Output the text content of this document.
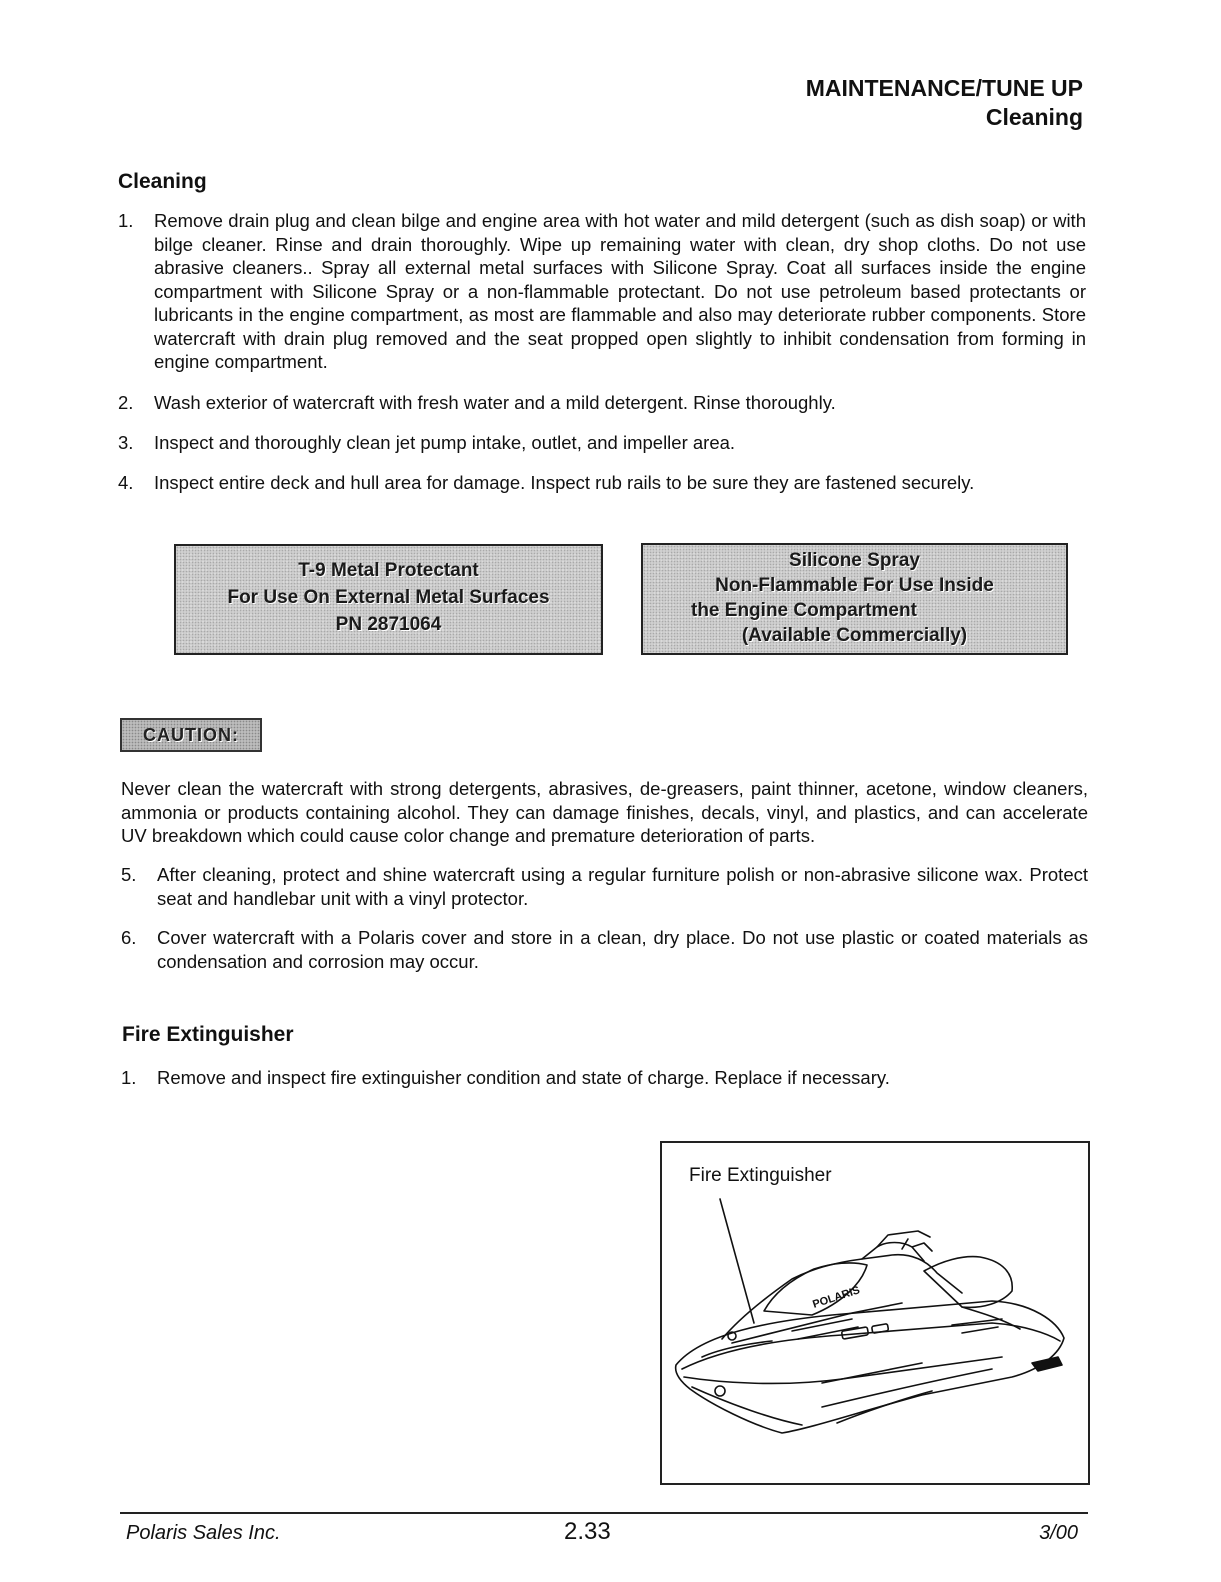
MAINTENANCE/TUNE UP
Cleaning
Cleaning
1. Remove drain plug and clean bilge and engine area with hot water and mild detergent (such as dish soap) or with bilge cleaner. Rinse and drain thoroughly. Wipe up remaining water with clean, dry shop cloths. Do not use abrasive cleaners.. Spray all external metal surfaces with Silicone Spray. Coat all surfaces inside the engine compartment with Silicone Spray or a non-flammable protectant. Do not use petroleum based protectants or lubricants in the engine compartment, as most are flammable and also may deteriorate rubber components. Store watercraft with drain plug removed and the seat propped open slightly to inhibit condensation from forming in engine compartment.
2. Wash exterior of watercraft with fresh water and a mild detergent. Rinse thoroughly.
3. Inspect and thoroughly clean jet pump intake, outlet, and impeller area.
4. Inspect entire deck and hull area for damage. Inspect rub rails to be sure they are fastened securely.
T-9 Metal Protectant
For Use On External Metal Surfaces
PN 2871064
Silicone Spray
Non-Flammable For Use Inside
the Engine Compartment
(Available Commercially)
CAUTION:
Never clean the watercraft with strong detergents, abrasives, de-greasers, paint thinner, acetone, window cleaners, ammonia or products containing alcohol. They can damage finishes, decals, vinyl, and plastics, and can accelerate UV breakdown which could cause color change and premature deterioration of parts.
5. After cleaning, protect and shine watercraft using a regular furniture polish or non-abrasive silicone wax. Protect seat and handlebar unit with a vinyl protector.
6. Cover watercraft with a Polaris cover and store in a clean, dry place. Do not use plastic or coated materials as condensation and corrosion may occur.
Fire Extinguisher
1. Remove and inspect fire extinguisher condition and state of charge. Replace if necessary.
Fire Extinguisher
POLARIS
Polaris Sales Inc.	2.33	3/00
